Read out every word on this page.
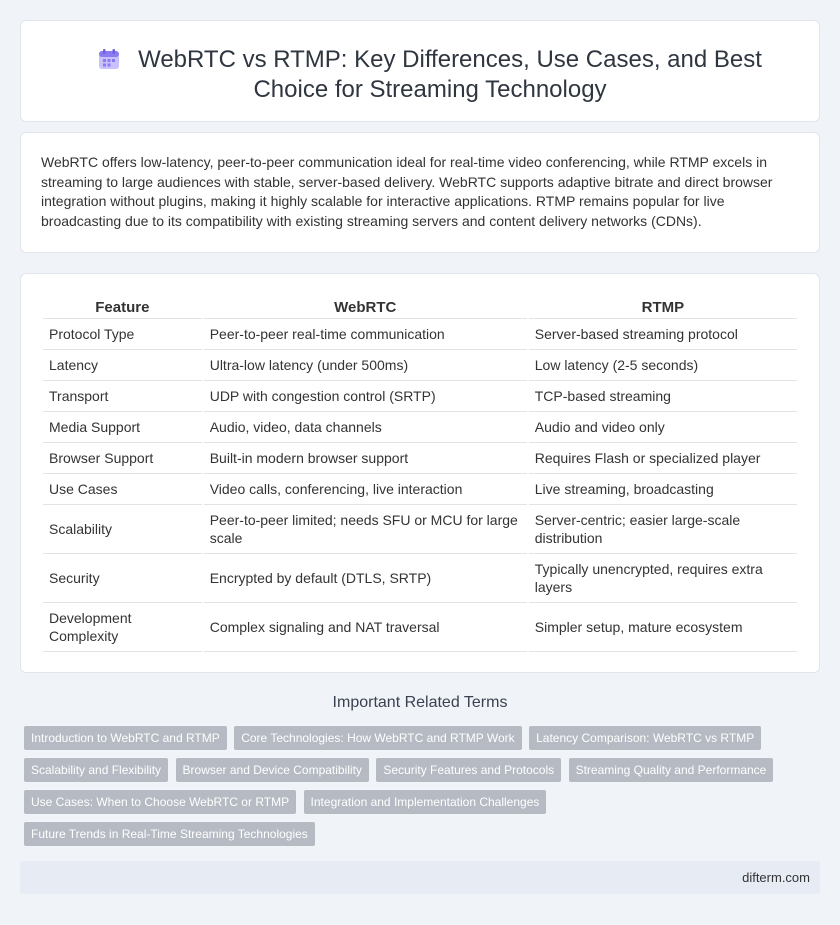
WebRTC vs RTMP: Key Differences, Use Cases, and Best Choice for Streaming Technology

WebRTC offers low-latency, peer-to-peer communication ideal for real-time video conferencing, while RTMP excels in streaming to large audiences with stable, server-based delivery. WebRTC supports adaptive bitrate and direct browser integration without plugins, making it highly scalable for interactive applications. RTMP remains popular for live broadcasting due to its compatibility with existing streaming servers and content delivery networks (CDNs).

Feature	WebRTC	RTMP
Protocol Type	Peer-to-peer real-time communication	Server-based streaming protocol
Latency	Ultra-low latency (under 500ms)	Low latency (2-5 seconds)
Transport	UDP with congestion control (SRTP)	TCP-based streaming
Media Support	Audio, video, data channels	Audio and video only
Browser Support	Built-in modern browser support	Requires Flash or specialized player
Use Cases	Video calls, conferencing, live interaction	Live streaming, broadcasting
Scalability	Peer-to-peer limited; needs SFU or MCU for large scale	Server-centric; easier large-scale distribution
Security	Encrypted by default (DTLS, SRTP)	Typically unencrypted, requires extra layers
Development Complexity	Complex signaling and NAT traversal	Simpler setup, mature ecosystem
Important Related Terms
Introduction to WebRTC and RTMP Core Technologies: How WebRTC and RTMP Work Latency Comparison: WebRTC vs RTMP Scalability and Flexibility Browser and Device Compatibility Security Features and Protocols Streaming Quality and Performance Use Cases: When to Choose WebRTC or RTMP Integration and Implementation Challenges Future Trends in Real-Time Streaming Technologies
difterm.com
